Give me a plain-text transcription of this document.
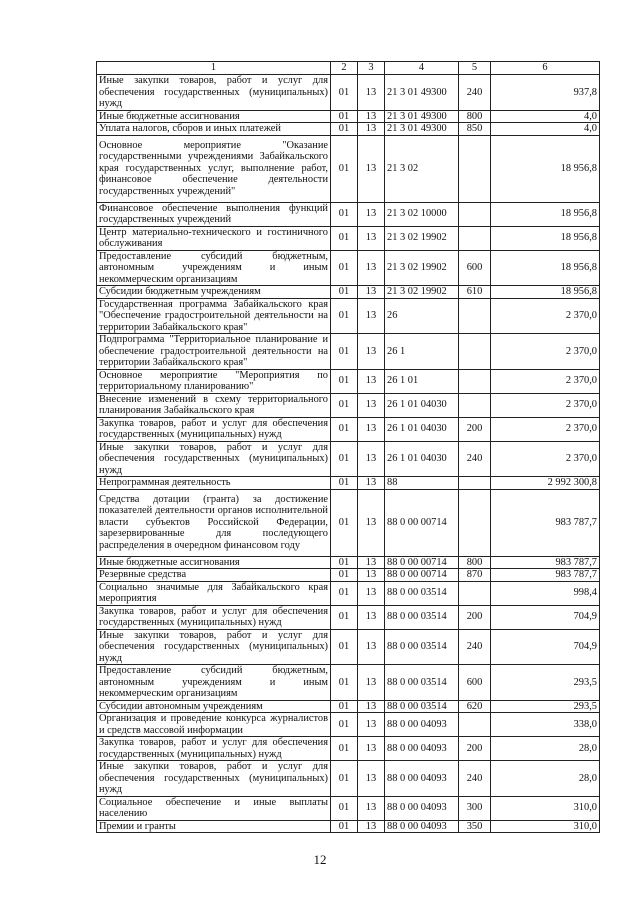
1	2	3	4	5	6
Иные закупки товаров, работ и услуг для обеспечения государственных (муниципальных) нужд	01	13	21 3 01 49300	240	937,8
Иные бюджетные ассигнования	01	13	21 3 01 49300	800	4,0
Уплата налогов, сборов и иных платежей	01	13	21 3 01 49300	850	4,0
Основное мероприятие "Оказание государственными учреждениями Забайкальского края государственных услуг, выполнение работ, финансовое обеспечение деятельности государственных учреждений"	01	13	21 3 02		18 956,8
Финансовое обеспечение выполнения функций государственных учреждений	01	13	21 3 02 10000		18 956,8
Центр материально-технического и гостиничного обслуживания	01	13	21 3 02 19902		18 956,8
Предоставление субсидий бюджетным, автономным учреждениям и иным некоммерческим организациям	01	13	21 3 02 19902	600	18 956,8
Субсидии бюджетным учреждениям	01	13	21 3 02 19902	610	18 956,8
Государственная программа Забайкальского края "Обеспечение градостроительной деятельности на территории Забайкальского края"	01	13	26		2 370,0
Подпрограмма "Территориальное планирование и обеспечение градостроительной деятельности на территории Забайкальского края"	01	13	26 1		2 370,0
Основное мероприятие "Мероприятия по территориальному планированию"	01	13	26 1 01		2 370,0
Внесение изменений в схему территориального планирования Забайкальского края	01	13	26 1 01 04030		2 370,0
Закупка товаров, работ и услуг для обеспечения государственных (муниципальных) нужд	01	13	26 1 01 04030	200	2 370,0
Иные закупки товаров, работ и услуг для обеспечения государственных (муниципальных) нужд	01	13	26 1 01 04030	240	2 370,0
Непрограммная деятельность	01	13	88		2 992 300,8
Средства дотации (гранта) за достижение показателей деятельности органов исполнительной власти субъектов Российской Федерации, зарезервированные для последующего распределения в очередном финансовом году	01	13	88 0 00 00714		983 787,7
Иные бюджетные ассигнования	01	13	88 0 00 00714	800	983 787,7
Резервные средства	01	13	88 0 00 00714	870	983 787,7
Социально значимые для Забайкальского края мероприятия	01	13	88 0 00 03514		998,4
Закупка товаров, работ и услуг для обеспечения государственных (муниципальных) нужд	01	13	88 0 00 03514	200	704,9
Иные закупки товаров, работ и услуг для обеспечения государственных (муниципальных) нужд	01	13	88 0 00 03514	240	704,9
Предоставление субсидий бюджетным, автономным учреждениям и иным некоммерческим организациям	01	13	88 0 00 03514	600	293,5
Субсидии автономным учреждениям	01	13	88 0 00 03514	620	293,5
Организация и проведение конкурса журналистов и средств массовой информации	01	13	88 0 00 04093		338,0
Закупка товаров, работ и услуг для обеспечения государственных (муниципальных) нужд	01	13	88 0 00 04093	200	28,0
Иные закупки товаров, работ и услуг для обеспечения государственных (муниципальных) нужд	01	13	88 0 00 04093	240	28,0
Социальное обеспечение и иные выплаты населению	01	13	88 0 00 04093	300	310,0
Премии и гранты	01	13	88 0 00 04093	350	310,0
12
